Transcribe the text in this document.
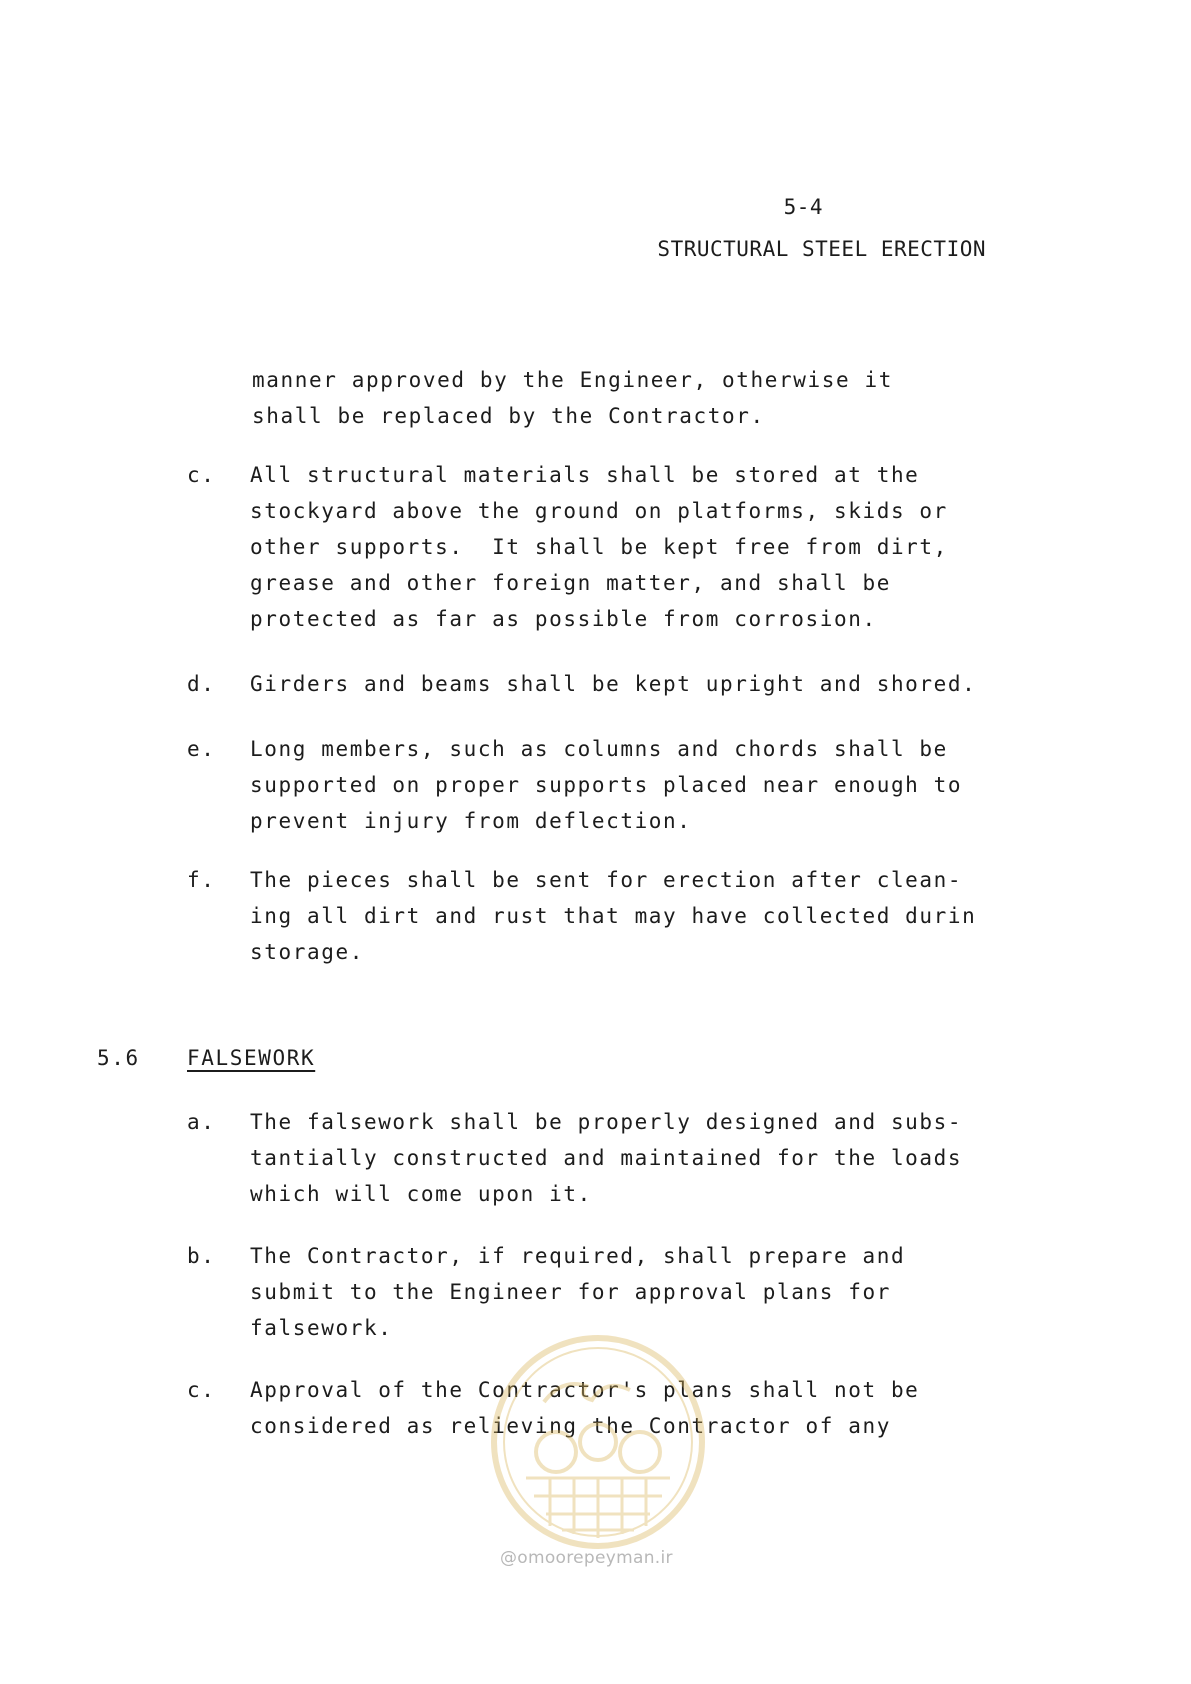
5-4
STRUCTURAL STEEL ERECTION
manner approved by the Engineer, otherwise it
shall be replaced by the Contractor.
c. All structural materials shall be stored at the
stockyard above the ground on platforms, skids or
other supports.  It shall be kept free from dirt,
grease and other foreign matter, and shall be
protected as far as possible from corrosion.
d. Girders and beams shall be kept upright and shored.
e. Long members, such as columns and chords shall be
supported on proper supports placed near enough to
prevent injury from deflection.
f. The pieces shall be sent for erection after clean-
ing all dirt and rust that may have collected durin
storage.
5.6 FALSEWORK
a. The falsework shall be properly designed and subs-
tantially constructed and maintained for the loads
which will come upon it.
b. The Contractor, if required, shall prepare and
submit to the Engineer for approval plans for
falsework.
c. Approval of the Contractor's plans shall not be
considered as relieving the Contractor of any
@omoorepeyman.ir
